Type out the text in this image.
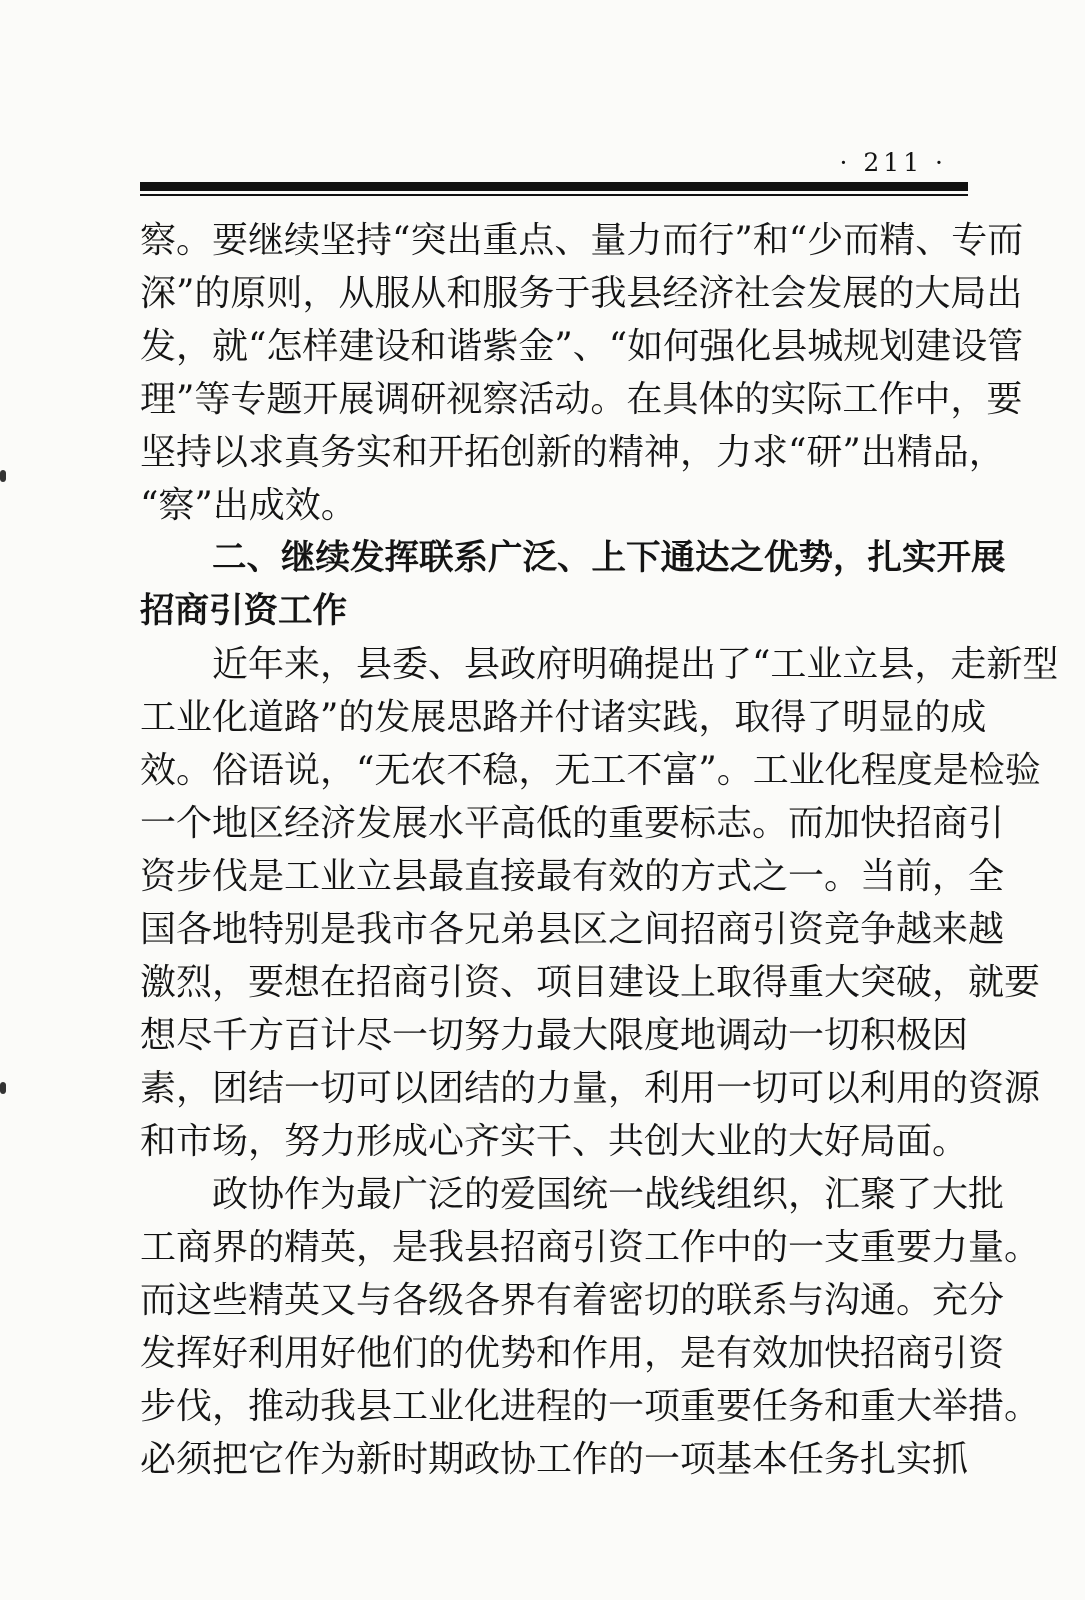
· 211 ·
察。要继续坚持“突出重点、量力而行”和“少而精、专而
深”的原则，从服从和服务于我县经济社会发展的大局出
发，就“怎样建设和谐紫金”、“如何强化县城规划建设管
理”等专题开展调研视察活动。在具体的实际工作中，要
坚持以求真务实和开拓创新的精神，力求“研”出精品，
“察”出成效。
二、继续发挥联系广泛、上下通达之优势，扎实开展
招商引资工作
近年来，县委、县政府明确提出了“工业立县，走新型
工业化道路”的发展思路并付诸实践，取得了明显的成
效。俗语说，“无农不稳，无工不富”。工业化程度是检验
一个地区经济发展水平高低的重要标志。而加快招商引
资步伐是工业立县最直接最有效的方式之一。当前，全
国各地特别是我市各兄弟县区之间招商引资竞争越来越
激烈，要想在招商引资、项目建设上取得重大突破，就要
想尽千方百计尽一切努力最大限度地调动一切积极因
素，团结一切可以团结的力量，利用一切可以利用的资源
和市场，努力形成心齐实干、共创大业的大好局面。
政协作为最广泛的爱国统一战线组织，汇聚了大批
工商界的精英，是我县招商引资工作中的一支重要力量。
而这些精英又与各级各界有着密切的联系与沟通。充分
发挥好利用好他们的优势和作用，是有效加快招商引资
步伐，推动我县工业化进程的一项重要任务和重大举措。
必须把它作为新时期政协工作的一项基本任务扎实抓
